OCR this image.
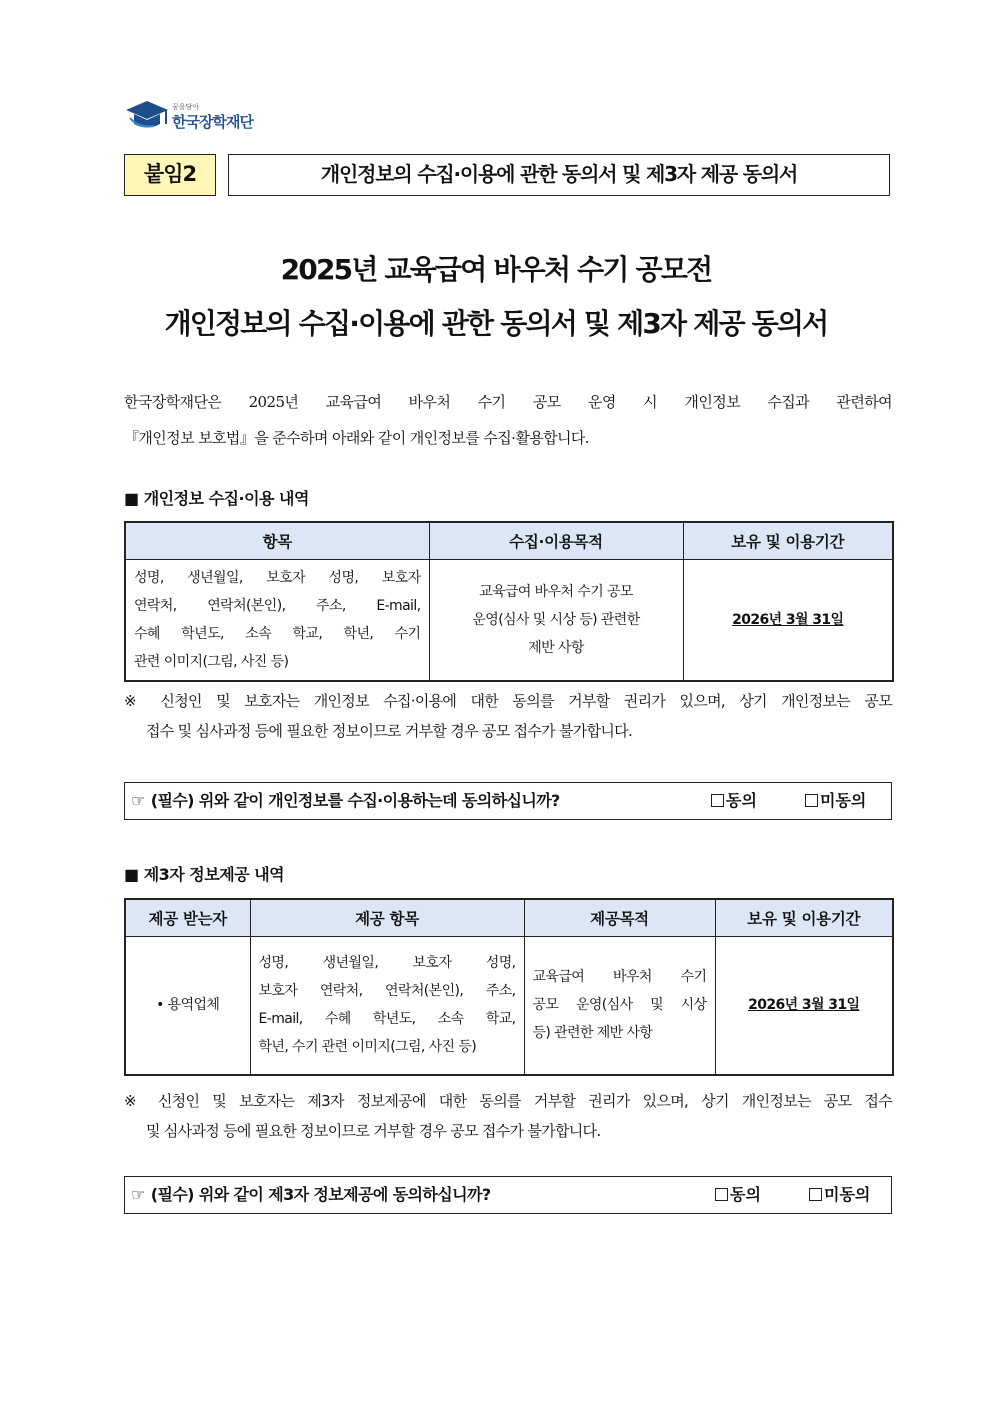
꿈을담아
한국장학재단
붙임2	개인정보의 수집·이용에 관한 동의서 및 제3자 제공 동의서
2025년 교육급여 바우처 수기 공모전
개인정보의 수집·이용에 관한 동의서 및 제3자 제공 동의서

한국장학재단은 2025년 교육급여 바우처 수기 공모 운영 시 개인정보 수집과 관련하여

『개인정보 보호법』을 준수하며 아래와 같이 개인정보를 수집·활용합니다.

■ 개인정보 수집·이용 내역
항목	수집·이용목적	보유 및 이용기간

성명, 생년월일, 보호자 성명, 보호자
연락처, 연락처(본인), 주소, E-mail,
수혜 학년도, 소속 학교, 학년, 수기
관련 이미지(그림, 사진 등)	교육급여 바우처 수기 공모
운영(심사 및 시상 등) 관련한
제반 사항	2026년 3월 31일

※ 신청인 및 보호자는 개인정보 수집·이용에 대한 동의를 거부할 권리가 있으며, 상기 개인정보는 공모

접수 및 심사과정 등에 필요한 정보이므로 거부할 경우 공모 접수가 불가합니다.

☞ (필수) 위와 같이 개인정보를 수집·이용하는데 동의하십니까?	동의	미동의
■ 제3자 정보제공 내역
제공 받는자	제공 항목	제공목적	보유 및 이용기간
• 용역업체	성명, 생년월일, 보호자 성명,
보호자 연락처, 연락처(본인), 주소,
E-mail, 수혜 학년도, 소속 학교,
학년, 수기 관련 이미지(그림, 사진 등)	교육급여 바우처 수기
공모 운영(심사 및 시상
등) 관련한 제반 사항	2026년 3월 31일

※ 신청인 및 보호자는 제3자 정보제공에 대한 동의를 거부할 권리가 있으며, 상기 개인정보는 공모 접수

및 심사과정 등에 필요한 정보이므로 거부할 경우 공모 접수가 불가합니다.

☞ (필수) 위와 같이 제3자 정보제공에 동의하십니까?	동의	미동의
